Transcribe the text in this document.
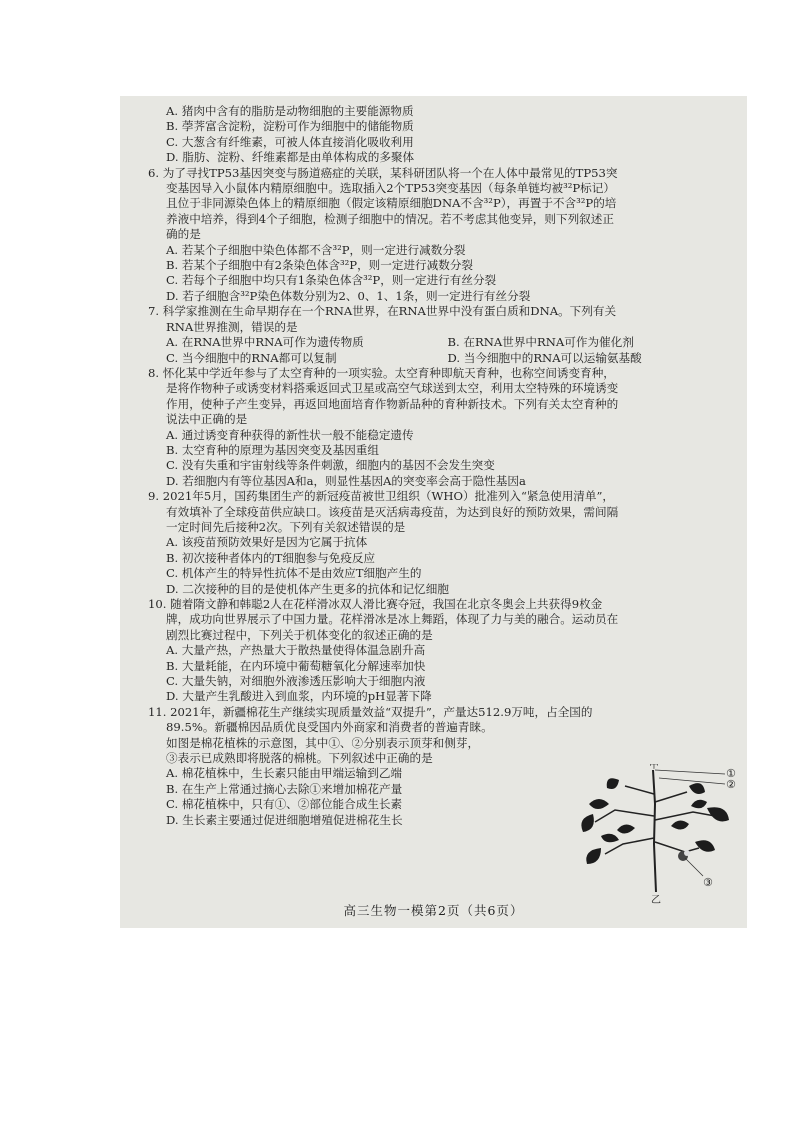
A. 猪肉中含有的脂肪是动物细胞的主要能源物质
B. 荸荠富含淀粉，淀粉可作为细胞中的储能物质
C. 大葱含有纤维素，可被人体直接消化吸收利用
D. 脂肪、淀粉、纤维素都是由单体构成的多聚体
6. 为了寻找TP53基因突变与肠道癌症的关联，某科研团队将一个在人体中最常见的TP53突
变基因导入小鼠体内精原细胞中。选取插入2个TP53突变基因（每条单链均被³²P标记）
且位于非同源染色体上的精原细胞（假定该精原细胞DNA不含³²P），再置于不含³²P的培
养液中培养，得到4个子细胞，检测子细胞中的情况。若不考虑其他变异，则下列叙述正
确的是
A. 若某个子细胞中染色体都不含³²P，则一定进行减数分裂
B. 若某个子细胞中有2条染色体含³²P，则一定进行减数分裂
C. 若每个子细胞中均只有1条染色体含³²P，则一定进行有丝分裂
D. 若子细胞含³²P染色体数分别为2、0、1、1条，则一定进行有丝分裂
7. 科学家推测在生命早期存在一个RNA世界，在RNA世界中没有蛋白质和DNA。下列有关
RNA世界推测，错误的是
A. 在RNA世界中RNA可作为遗传物质	B. 在RNA世界中RNA可作为催化剂
C. 当今细胞中的RNA都可以复制	D. 当今细胞中的RNA可以运输氨基酸
8. 怀化某中学近年参与了太空育种的一项实验。太空育种即航天育种，也称空间诱变育种，
是将作物种子或诱变材料搭乘返回式卫星或高空气球送到太空，利用太空特殊的环境诱变
作用，使种子产生变异，再返回地面培育作物新品种的育种新技术。下列有关太空育种的
说法中正确的是
A. 通过诱变育种获得的新性状一般不能稳定遗传
B. 太空育种的原理为基因突变及基因重组
C. 没有失重和宇宙射线等条件刺激，细胞内的基因不会发生突变
D. 若细胞内有等位基因A和a，则显性基因A的突变率会高于隐性基因a
9. 2021年5月，国药集团生产的新冠疫苗被世卫组织（WHO）批准列入“紧急使用清单”，
有效填补了全球疫苗供应缺口。该疫苗是灭活病毒疫苗，为达到良好的预防效果，需间隔
一定时间先后接种2次。下列有关叙述错误的是
A. 该疫苗预防效果好是因为它属于抗体
B. 初次接种者体内的T细胞参与免疫反应
C. 机体产生的特异性抗体不是由效应T细胞产生的
D. 二次接种的目的是使机体产生更多的抗体和记忆细胞
10. 随着隋文静和韩聪2人在花样滑冰双人滑比赛夺冠，我国在北京冬奥会上共获得9枚金
牌，成功向世界展示了中国力量。花样滑冰是冰上舞蹈，体现了力与美的融合。运动员在
剧烈比赛过程中，下列关于机体变化的叙述正确的是
A. 大量产热，产热量大于散热量使得体温急剧升高
B. 大量耗能，在内环境中葡萄糖氧化分解速率加快
C. 大量失钠，对细胞外液渗透压影响大于细胞内液
D. 大量产生乳酸进入到血浆，内环境的pH显著下降
11. 2021年，新疆棉花生产继续实现质量效益“双提升”，产量达512.9万吨，占全国的
89.5%。新疆棉因品质优良受国内外商家和消费者的普遍青睐。
如图是棉花植株的示意图，其中①、②分别表示顶芽和侧芽，
③表示已成熟即将脱落的棉桃。下列叙述中正确的是
A. 棉花植株中，生长素只能由甲端运输到乙端
B. 在生产上常通过摘心去除①来增加棉花产量
C. 棉花植株中，只有①、②部位能合成生长素
D. 生长素主要通过促进细胞增殖促进棉花生长
甲
①
②
③
乙
高三生物一模第2页（共6页）
